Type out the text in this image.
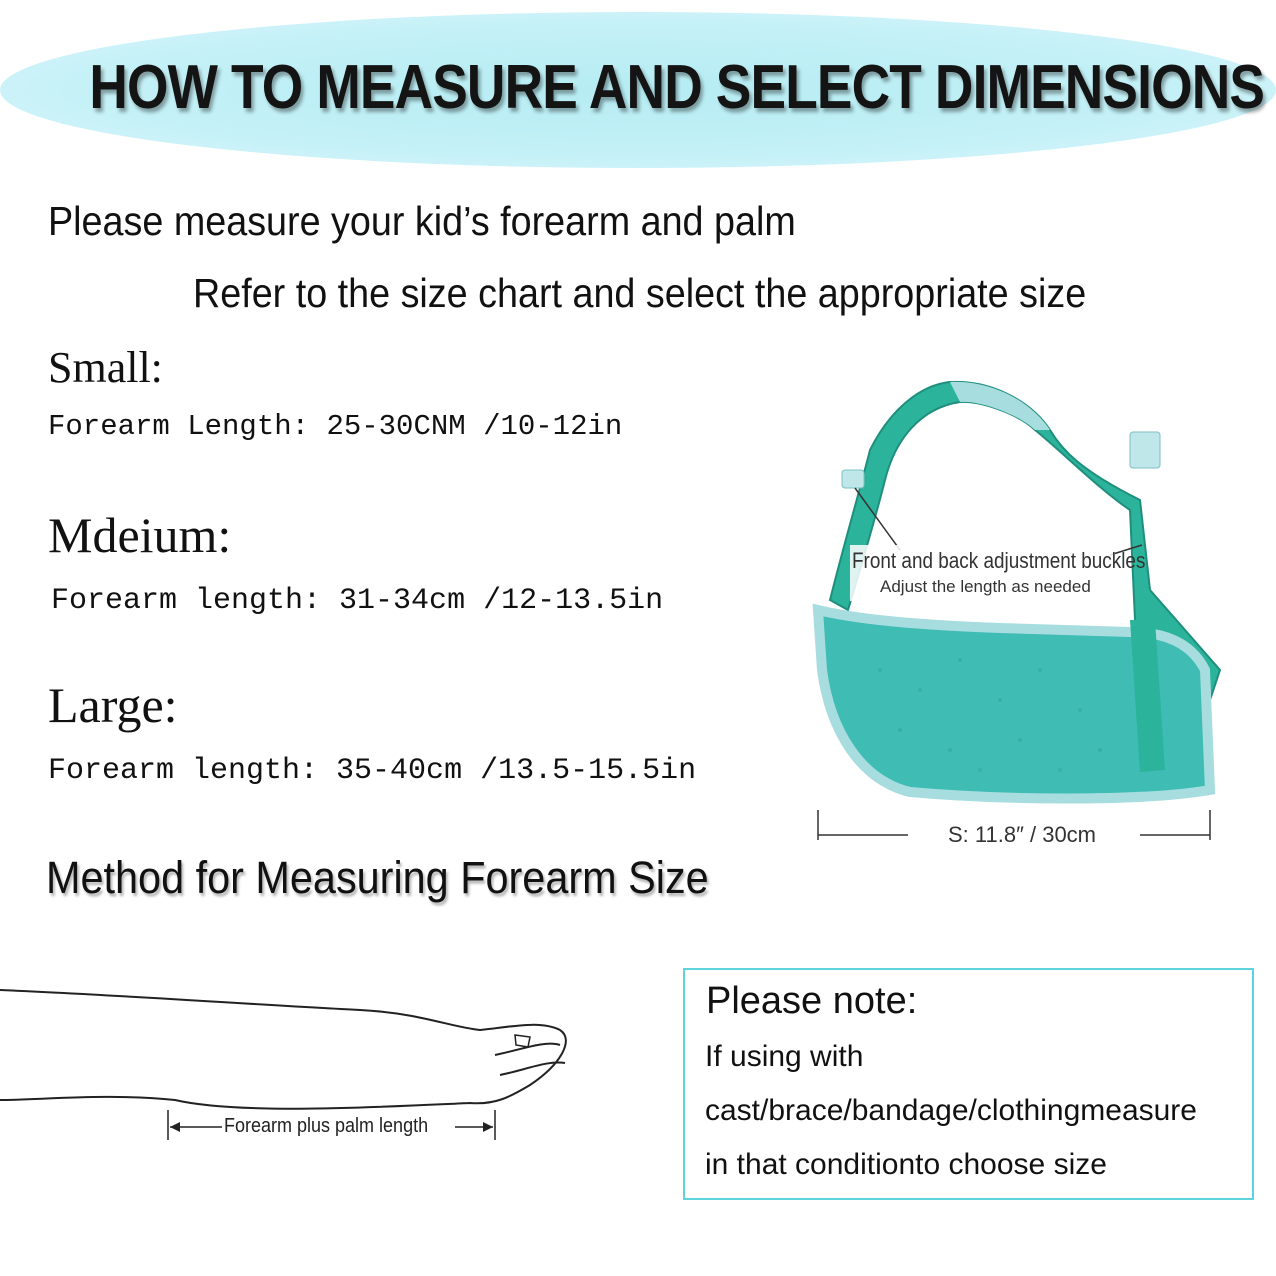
HOW TO MEASURE AND SELECT DIMENSIONS
Please measure your kid’s forearm and palm
Refer to the size chart and select the appropriate size
Small:
Forearm Length: 25-30CNM /10-12in
Mdeium:
Forearm length: 31-34cm /12-13.5in
Large:
Forearm length: 35-40cm /13.5-15.5in
Front and back adjustment buckles
Adjust the length as needed
S: 11.8″ / 30cm
Method for Measuring Forearm Size
Forearm plus palm length
Please note:
If using with
cast/brace/bandage/clothingmeasure
in that conditionto choose size
